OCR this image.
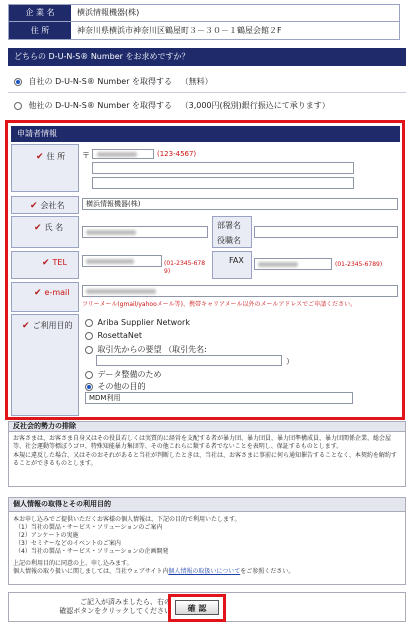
企 業 名	横浜情報機器(株)
住 所	神奈川県横浜市神奈川区鶴屋町３－３０－１鶴屋会館２F
どちらの D-U-N-S® Number をお求めですか？
自社の D-U-N-S® Number を取得する （無料）
他社の D-U-N-S® Number を取得する （3,000円(税別)銀行振込にて承ります）
申請者情報
✔ 住 所 〒	(123-4567)
✔ 会社名	横浜情報機器(株)
✔ 氏 名	部署名
役職名
✔ TEL	(01-2345-6789)
FAX	(01-2345-6789)
✔ e-mail
フリーメール(gmail/yahooメール等)、携帯キャリアメール以外のメールアドレスでご申請ください。
✔ ご利用目的	Ariba Supplier Network
RosettaNet
取引先からの要望 （取引先名:
）
データ整備のため
その他の目的
MDM利用
反社会的勢力の排除
お客さまは、お客さま自身又はその役員若しくは実質的に経営を支配する者が暴力団、暴力団員、暴力団準構成員、暴力団関係企業、総会屋等、社会運動等標ぼうゴロ、特殊知能暴力集団等、その他これらに類する者でないことを表明し、保証するものとします。
本規に違反した場合、又はそのおそれがあると当社が判断したときは、当社は、お客さまに事前に何ら通知催告することなく、本契約を解約することができるものとします。
個人情報の取得とその利用目的
本お申し込みでご提供いただくお客様の個人情報は、下記の目的で利用いたします。
（1）当社の製品・サービス・ソリューションのご案内
（2）アンケートの実施
（3）セミナーなどのイベントのご案内
（4）当社の製品・サービス・ソリューションの企画開発
上記の利用目的に同意の上、申し込みます。
個人情報の取り扱いに関しましては、当社ウェブサイト内個人情報の取扱いについてをご参照ください。
ご記入が済みましたら、右の
確認ボタンをクリックしてください	確 認
